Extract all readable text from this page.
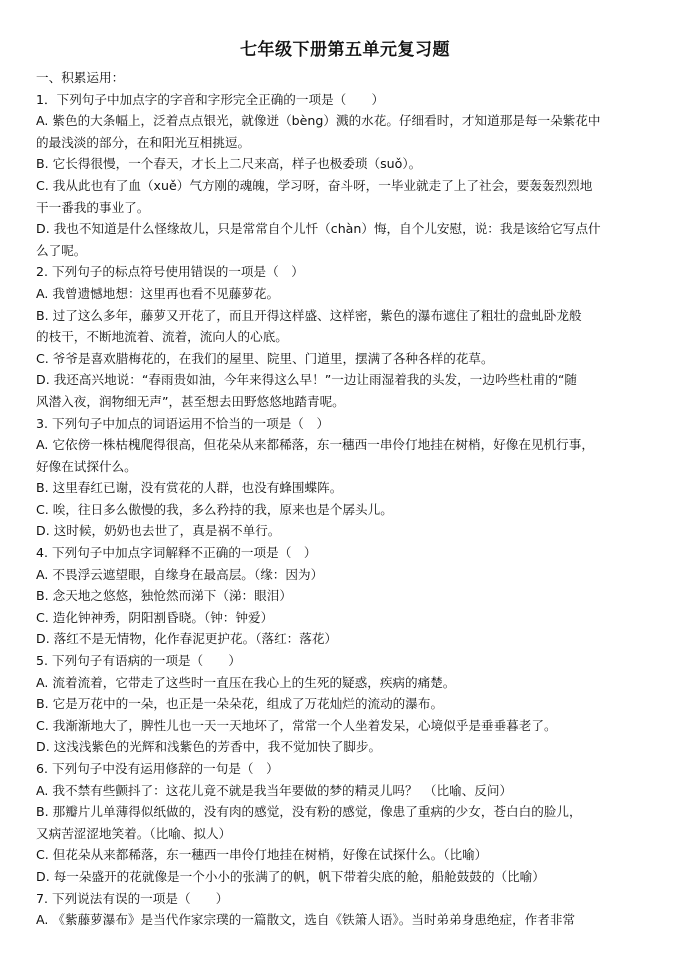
七年级下册第五单元复习题
一、积累运用：
1．下列句子中加点字的字音和字形完全正确的一项是（　　）
A. 紫色的大条幅上，泛着点点银光，就像迸（bèng）溅的水花。仔细看时，才知道那是每一朵紫花中
的最浅淡的部分，在和阳光互相挑逗。
B. 它长得很慢，一个春天，才长上二尺来高，样子也极委琐（suǒ）。
C. 我从此也有了血（xuě）气方刚的魂魄，学习呀，奋斗呀，一毕业就走了上了社会，要轰轰烈烈地
干一番我的事业了。
D. 我也不知道是什么怪缘故儿，只是常常自个儿忏（chàn）悔，自个儿安慰，说：我是该给它写点什
么了呢。
2. 下列句子的标点符号使用错误的一项是（　）
A. 我曾遗憾地想：这里再也看不见藤萝花。
B. 过了这么多年，藤萝又开花了，而且开得这样盛、这样密，紫色的瀑布遮住了粗壮的盘虬卧龙般
的枝干，不断地流着、流着，流向人的心底。
C. 爷爷是喜欢腊梅花的，在我们的屋里、院里、门道里，摆满了各种各样的花草。
D. 我还高兴地说：“春雨贵如油，今年来得这么早！”一边让雨湿着我的头发，一边吟些杜甫的“随
风潜入夜，润物细无声”，甚至想去田野悠悠地踏青呢。
3. 下列句子中加点的词语运用不恰当的一项是（　）
A. 它依傍一株枯槐爬得很高，但花朵从来都稀落，东一穗西一串伶仃地挂在树梢，好像在见机行事，
好像在试探什么。
B. 这里春红已谢，没有赏花的人群，也没有蜂围蝶阵。
C. 唉，往日多么傲慢的我，多么矜持的我，原来也是个孱头儿。
D. 这时候，奶奶也去世了，真是祸不单行。
4. 下列句子中加点字词解释不正确的一项是（　）
A. 不畏浮云遮望眼，自缘身在最高层。（缘：因为）
B. 念天地之悠悠，独怆然而涕下（涕：眼泪）
C. 造化钟神秀，阴阳割昏晓。（钟：钟爱）
D. 落红不是无情物，化作春泥更护花。（落红：落花）
5. 下列句子有语病的一项是（　　）
A. 流着流着，它带走了这些时一直压在我心上的生死的疑惑，疾病的痛楚。
B. 它是万花中的一朵，也正是一朵朵花，组成了万花灿烂的流动的瀑布。
C. 我渐渐地大了，脾性儿也一天一天地坏了，常常一个人坐着发呆，心境似乎是垂垂暮老了。
D. 这浅浅紫色的光辉和浅紫色的芳香中，我不觉加快了脚步。
6. 下列句子中没有运用修辞的一句是（　）
A. 我不禁有些颤抖了：这花儿竟不就是我当年要做的梦的精灵儿吗？　（比喻、反问）
B. 那瓣片儿单薄得似纸做的，没有肉的感觉，没有粉的感觉，像患了重病的少女，苍白白的脸儿，
又病苦涩涩地笑着。（比喻、拟人）
C. 但花朵从来都稀落，东一穗西一串伶仃地挂在树梢，好像在试探什么。（比喻）
D. 每一朵盛开的花就像是一个小小的张满了的帆，帆下带着尖底的舱，船舱鼓鼓的（比喻）
7. 下列说法有误的一项是（　　）
A. 《紫藤萝瀑布》是当代作家宗璞的一篇散文，选自《铁箫人语》。当时弟弟身患绝症，作者非常
